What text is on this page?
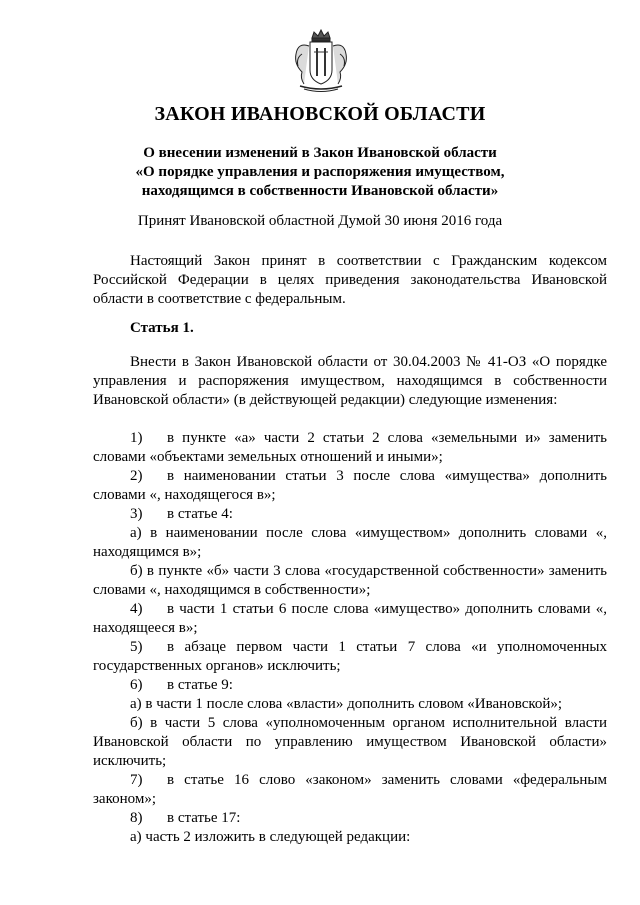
ЗАКОН ИВАНОВСКОЙ ОБЛАСТИ
О внесении изменений в Закон Ивановской области
«О порядке управления и распоряжения имуществом,
находящимся в собственности Ивановской области»
Принят Ивановской областной Думой 30 июня 2016 года
Настоящий Закон принят в соответствии с Гражданским кодексом Российской Федерации в целях приведения законодательства Ивановской области в соответствие с федеральным.
Статья 1.
Внести в Закон Ивановской области от 30.04.2003 № 41-ОЗ «О порядке управления и распоряжения имуществом, находящимся в собственности Ивановской области» (в действующей редакции) следующие изменения:
1) в пункте «а» части 2 статьи 2 слова «земельными и» заменить словами «объектами земельных отношений и иными»;
2) в наименовании статьи 3 после слова «имущества» дополнить словами «, находящегося в»;
3) в статье 4:
а) в наименовании после слова «имуществом» дополнить словами «, находящимся в»;
б) в пункте «б» части 3 слова «государственной собственности» заменить словами «, находящимся в собственности»;
4) в части 1 статьи 6 после слова «имущество» дополнить словами «, находящееся в»;
5) в абзаце первом части 1 статьи 7 слова «и уполномоченных государственных органов» исключить;
6) в статье 9:
а) в части 1 после слова «власти» дополнить словом «Ивановской»;
б) в части 5 слова «уполномоченным органом исполнительной власти Ивановской области по управлению имуществом Ивановской области» исключить;
7) в статье 16 слово «законом» заменить словами «федеральным законом»;
8) в статье 17:
а) часть 2 изложить в следующей редакции:
